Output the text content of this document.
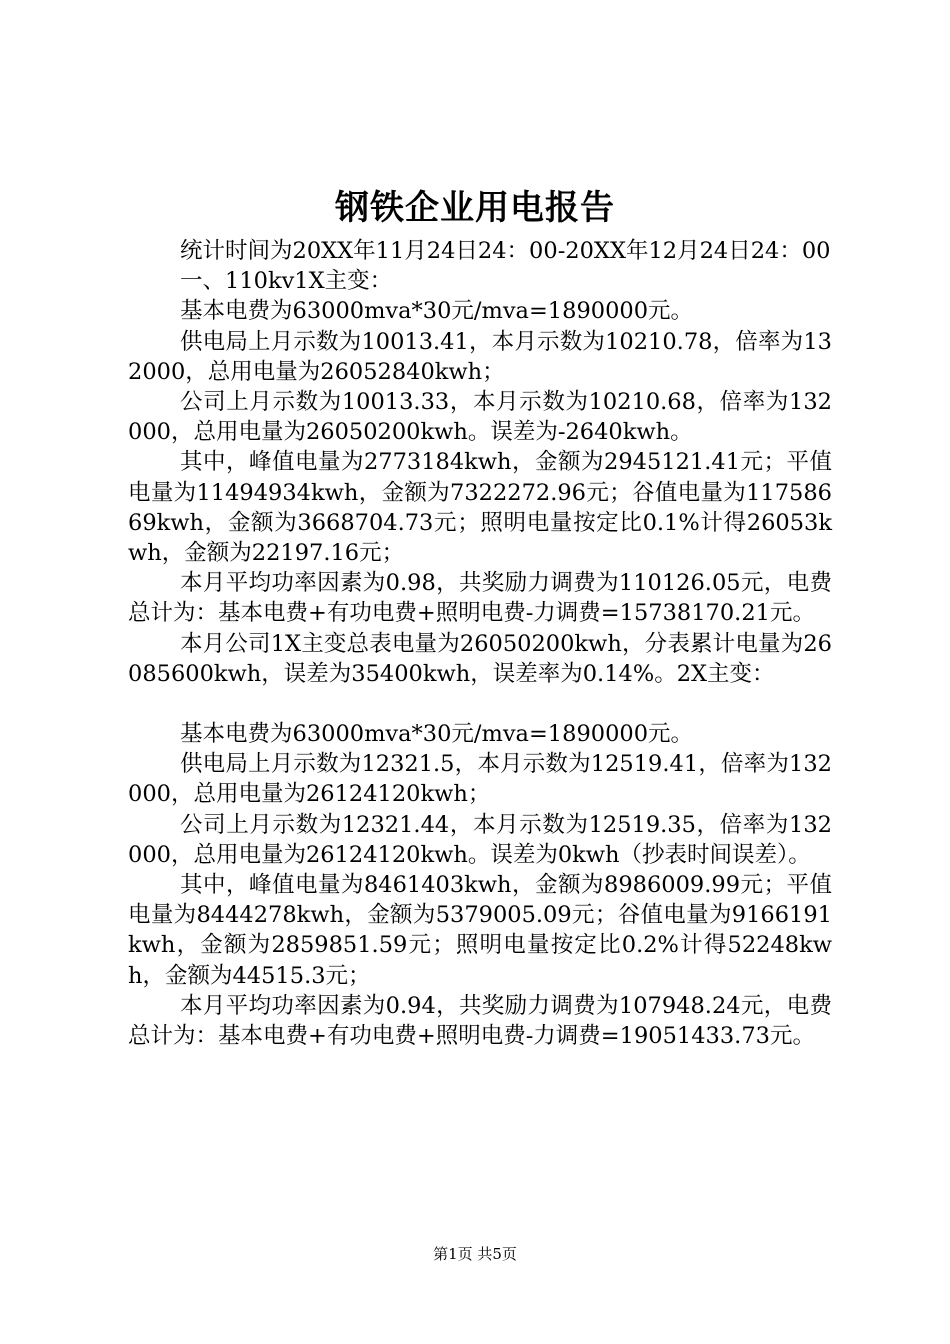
钢铁企业用电报告

统计时间为20XX年11月24日24：00-20XX年12月24日24：00

一、110kv1X主变：

基本电费为63000mva*30元/mva=1890000元。

供电局上月示数为10013.41，本月示数为10210.78，倍率为132000，总用电量为26052840kwh；

公司上月示数为10013.33，本月示数为10210.68，倍率为132000，总用电量为26050200kwh。误差为-2640kwh。

其中，峰值电量为2773184kwh，金额为2945121.41元；平值电量为11494934kwh，金额为7322272.96元；谷值电量为11758669kwh，金额为3668704.73元；照明电量按定比0.1%计得26053kwh，金额为22197.16元；

本月平均功率因素为0.98，共奖励力调费为110126.05元，电费总计为：基本电费+有功电费+照明电费-力调费=15738170.21元。

本月公司1X主变总表电量为26050200kwh，分表累计电量为26085600kwh，误差为35400kwh，误差率为0.14%。2X主变：

基本电费为63000mva*30元/mva=1890000元。

供电局上月示数为12321.5，本月示数为12519.41，倍率为132000，总用电量为26124120kwh；

公司上月示数为12321.44，本月示数为12519.35，倍率为132000，总用电量为26124120kwh。误差为0kwh（抄表时间误差）。

其中，峰值电量为8461403kwh，金额为8986009.99元；平值电量为8444278kwh，金额为5379005.09元；谷值电量为9166191kwh，金额为2859851.59元；照明电量按定比0.2%计得52248kwh，金额为44515.3元；

本月平均功率因素为0.94，共奖励力调费为107948.24元，电费总计为：基本电费+有功电费+照明电费-力调费=19051433.73元。

第1页 共5页
